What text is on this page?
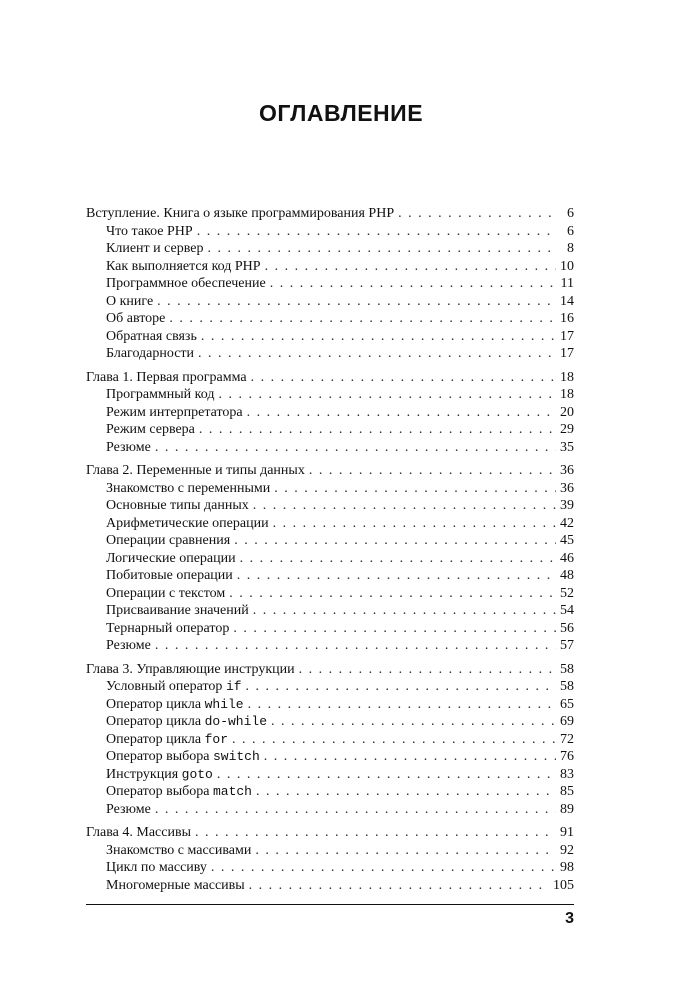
ОГЛАВЛЕНИЕ
Вступление. Книга о языке программирования PHP . . .	6
Что такое PHP . . .	6
Клиент и сервер . . .	8
Как выполняется код PHP . . .	10
Программное обеспечение . . .	11
О книге . . .	14
Об авторе . . .	16
Обратная связь . . .	17
Благодарности . . .	17
Глава 1. Первая программа . . .	18
Программный код . . .	18
Режим интерпретатора . . .	20
Режим сервера . . .	29
Резюме . . .	35
Глава 2. Переменные и типы данных . . .	36
Знакомство с переменными . . .	36
Основные типы данных . . .	39
Арифметические операции . . .	42
Операции сравнения . . .	45
Логические операции . . .	46
Побитовые операции . . .	48
Операции с текстом . . .	52
Присваивание значений . . .	54
Тернарный оператор . . .	56
Резюме . . .	57
Глава 3. Управляющие инструкции . . .	58
Условный оператор if . . .	58
Оператор цикла while . . .	65
Оператор цикла do-while . . .	69
Оператор цикла for . . .	72
Оператор выбора switch . . .	76
Инструкция goto . . .	83
Оператор выбора match . . .	85
Резюме . . .	89
Глава 4. Массивы . . .	91
Знакомство с массивами . . .	92
Цикл по массиву . . .	98
Многомерные массивы . . .	105
3
